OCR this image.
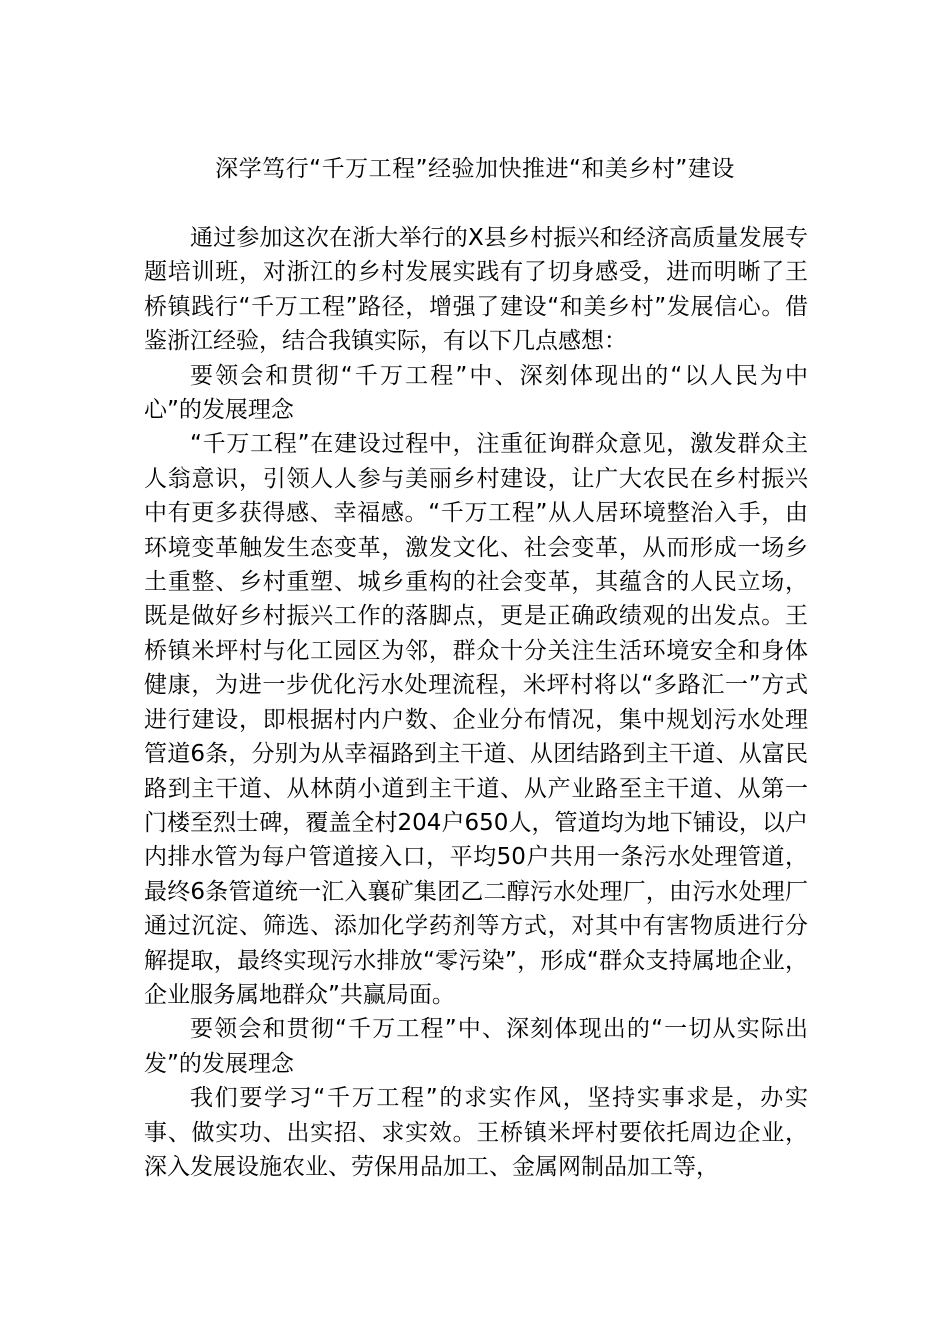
深学笃行“千万工程”经验加快推进“和美乡村”建设

通过参加这次在浙大举行的X县乡村振兴和经济高质量发展专题培训班，对浙江的乡村发展实践有了切身感受，进而明晰了王桥镇践行“千万工程”路径，增强了建设“和美乡村”发展信心。借鉴浙江经验，结合我镇实际，有以下几点感想：

要领会和贯彻“千万工程”中、深刻体现出的“以人民为中心”的发展理念

“千万工程”在建设过程中，注重征询群众意见，激发群众主人翁意识，引领人人参与美丽乡村建设，让广大农民在乡村振兴中有更多获得感、幸福感。“千万工程”从人居环境整治入手，由环境变革触发生态变革，激发文化、社会变革，从而形成一场乡土重整、乡村重塑、城乡重构的社会变革，其蕴含的人民立场，既是做好乡村振兴工作的落脚点，更是正确政绩观的出发点。王桥镇米坪村与化工园区为邻，群众十分关注生活环境安全和身体健康，为进一步优化污水处理流程，米坪村将以“多路汇一”方式进行建设，即根据村内户数、企业分布情况，集中规划污水处理管道6条，分别为从幸福路到主干道、从团结路到主干道、从富民路到主干道、从林荫小道到主干道、从产业路至主干道、从第一门楼至烈士碑，覆盖全村204户650人，管道均为地下铺设，以户内排水管为每户管道接入口，平均50户共用一条污水处理管道，最终6条管道统一汇入襄矿集团乙二醇污水处理厂，由污水处理厂通过沉淀、筛选、添加化学药剂等方式，对其中有害物质进行分解提取，最终实现污水排放“零污染”，形成“群众支持属地企业，企业服务属地群众”共赢局面。

要领会和贯彻“千万工程”中、深刻体现出的“一切从实际出发”的发展理念

我们要学习“千万工程”的求实作风，坚持实事求是，办实事、做实功、出实招、求实效。王桥镇米坪村要依托周边企业，深入发展设施农业、劳保用品加工、金属网制品加工等，
